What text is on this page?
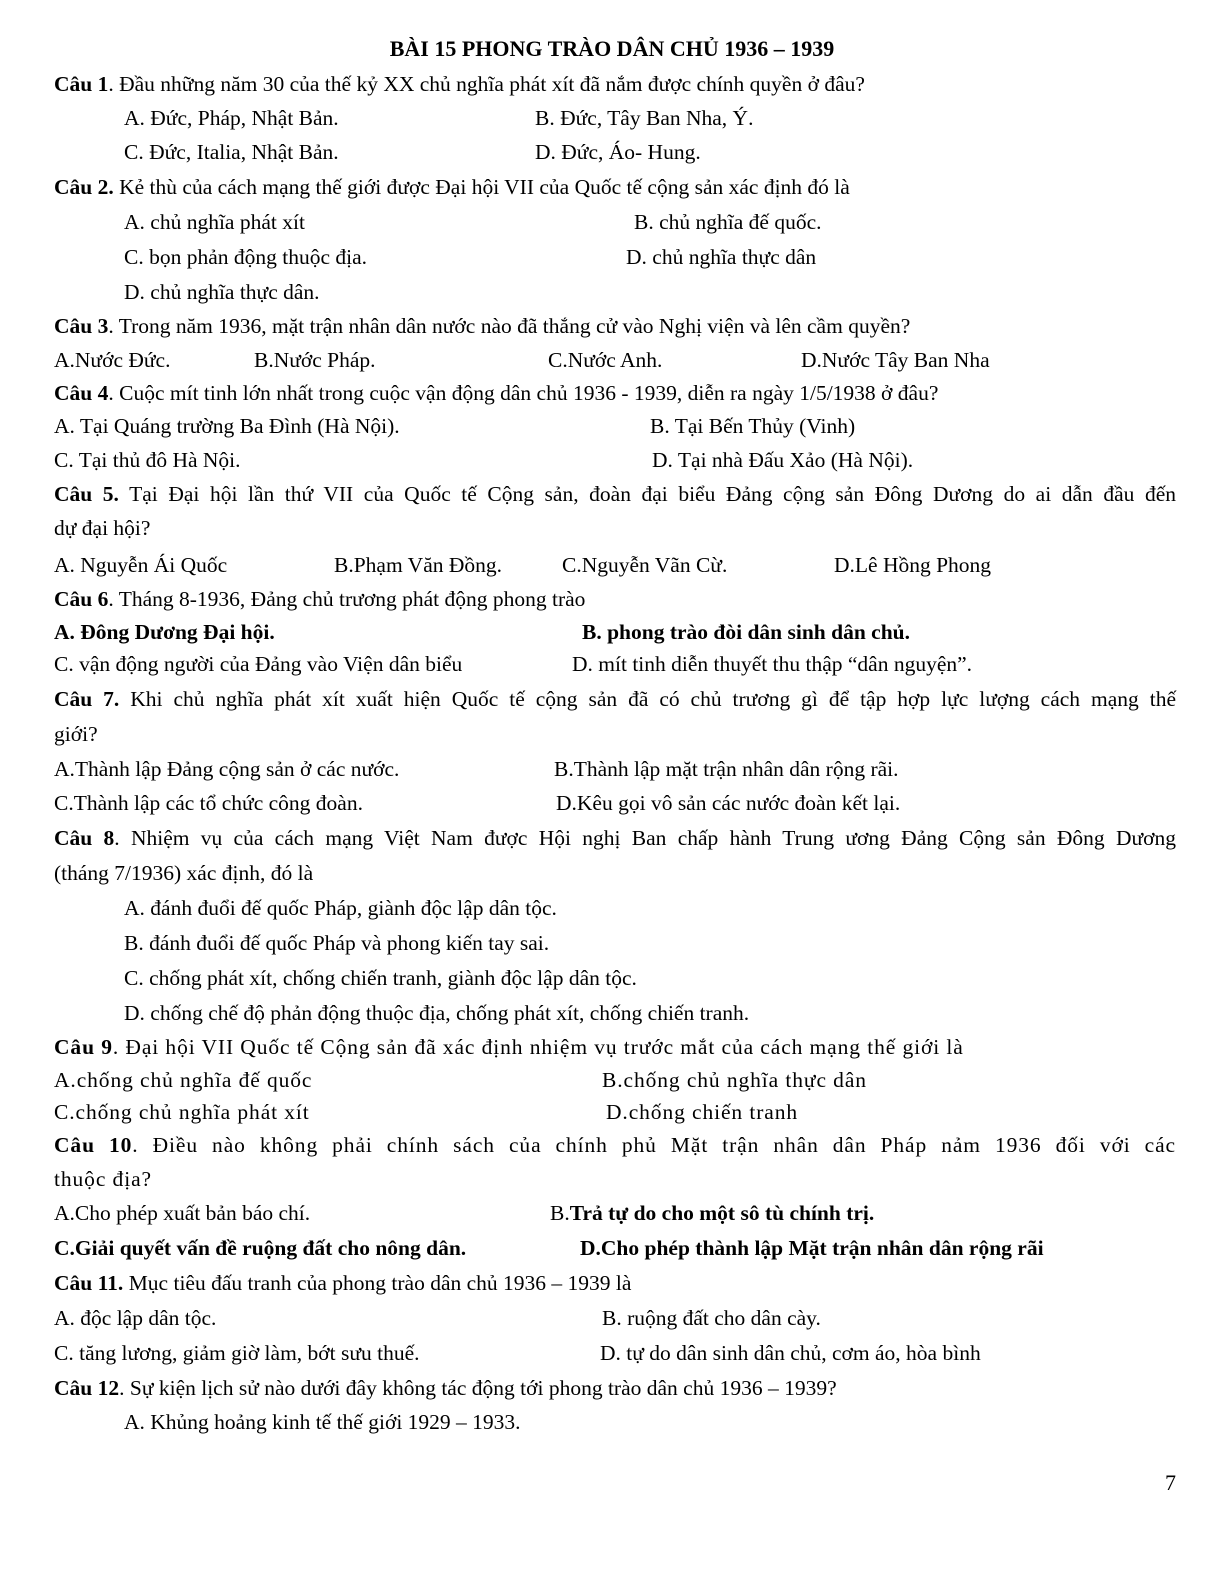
BÀI 15 PHONG TRÀO DÂN CHỦ 1936 – 1939
Câu 1. Đầu những năm 30 của thế kỷ XX chủ nghĩa phát xít đã nắm được chính quyền ở đâu?
A. Đức, Pháp, Nhật Bản.	B. Đức, Tây Ban Nha, Ý.
C. Đức, Italia, Nhật Bản.	D. Đức, Áo- Hung.
Câu 2. Kẻ thù của cách mạng thế giới được Đại hội VII của Quốc tế cộng sản xác định đó là
A. chủ nghĩa phát xít	B. chủ nghĩa đế quốc.
C. bọn phản động thuộc địa.	D. chủ nghĩa thực dân
D. chủ nghĩa thực dân.
Câu 3. Trong năm 1936, mặt trận nhân dân nước nào đã thắng cử vào Nghị viện và lên cầm quyền?
A.Nước Đức.	B.Nước Pháp.	C.Nước Anh.	D.Nước Tây Ban Nha
Câu 4. Cuộc mít tinh lớn nhất trong cuộc vận động dân chủ 1936 - 1939, diễn ra ngày 1/5/1938 ở đâu?
A. Tại Quáng trường Ba Đình (Hà Nội).	B. Tại Bến Thủy (Vinh)
C. Tại thủ đô Hà Nội.	D. Tại nhà Đấu Xảo (Hà Nội).
Câu 5. Tại Đại hội lần thứ VII của Quốc tế Cộng sản, đoàn đại biểu Đảng cộng sản Đông Dương do ai dẫn đầu đến
dự đại hội?
A. Nguyễn Ái Quốc	B.Phạm Văn Đồng.	C.Nguyễn Vãn Cừ.	D.Lê Hồng Phong
Câu 6. Tháng 8-1936, Đảng chủ trương phát động phong trào
A. Đông Dương Đại hội.	B. phong trào đòi dân sinh dân chủ.
C. vận động người của Đảng vào Viện dân biểu	D. mít tinh diễn thuyết thu thập “dân nguyện”.
Câu 7. Khi chủ nghĩa phát xít xuất hiện Quốc tế cộng sản đã có chủ trương gì để tập hợp lực lượng cách mạng thế
giới?
A.Thành lập Đảng cộng sản ở các nước.	B.Thành lập mặt trận nhân dân rộng rãi.
C.Thành lập các tổ chức công đoàn.	D.Kêu gọi vô sản các nước đoàn kết lại.
Câu 8. Nhiệm vụ của cách mạng Việt Nam được Hội nghị Ban chấp hành Trung ương Đảng Cộng sản Đông Dương
(tháng 7/1936) xác định, đó là
A. đánh đuổi đế quốc Pháp, giành độc lập dân tộc.
B. đánh đuổi đế quốc Pháp và phong kiến tay sai.
C. chống phát xít, chống chiến tranh, giành độc lập dân tộc.
D. chống chế độ phản động thuộc địa, chống phát xít, chống chiến tranh.
Câu 9. Đại hội VII Quốc tế Cộng sản đã xác định nhiệm vụ trước mắt của cách mạng thế giới là
A.chống chủ nghĩa đế quốc	B.chống chủ nghĩa thực dân
C.chống chủ nghĩa phát xít	D.chống chiến tranh
Câu 10. Điều nào không phải chính sách của chính phủ Mặt trận nhân dân Pháp nảm 1936 đối với các
thuộc địa?
A.Cho phép xuất bản báo chí.	B.Trả tự do cho một sô tù chính trị.
C.Giải quyết vấn đề ruộng đất cho nông dân.	D.Cho phép thành lập Mặt trận nhân dân rộng rãi
Câu 11. Mục tiêu đấu tranh của phong trào dân chủ 1936 – 1939 là
A. độc lập dân tộc.	B. ruộng đất cho dân cày.
C. tăng lương, giảm giờ làm, bớt sưu thuế.	D. tự do dân sinh dân chủ, cơm áo, hòa bình
Câu 12. Sự kiện lịch sử nào dưới đây không tác động tới phong trào dân chủ 1936 – 1939?
A. Khủng hoảng kinh tế thế giới 1929 – 1933.
7
